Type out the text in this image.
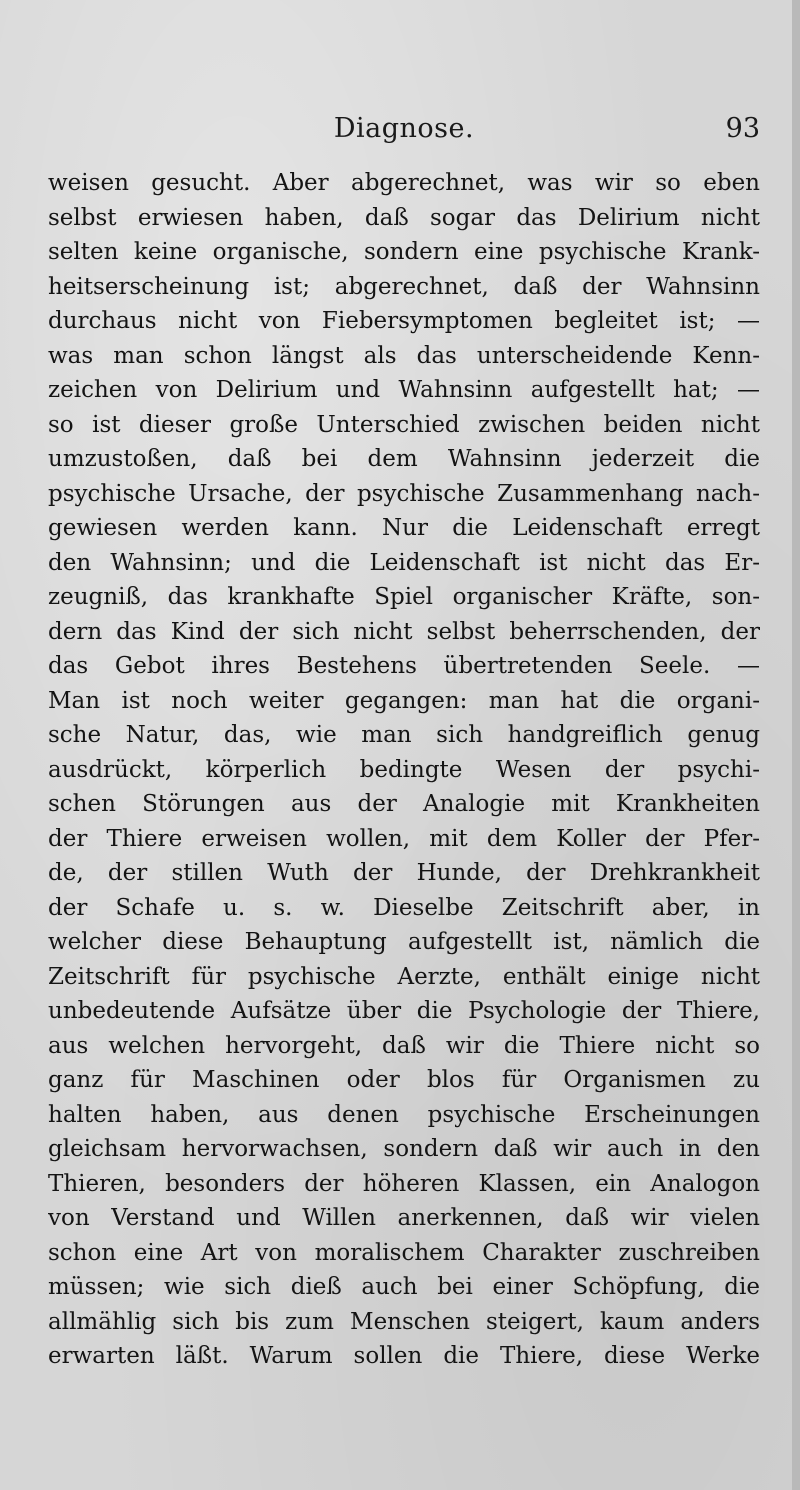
Diagnose.	93
weisen gesucht. Aber abgerechnet, was wir so eben
selbst erwiesen haben, daß sogar das Delirium nicht
selten keine organische, sondern eine psychische Krank-
heitserscheinung ist; abgerechnet, daß der Wahnsinn
durchaus nicht von Fiebersymptomen begleitet ist; —
was man schon längst als das unterscheidende Kenn-
zeichen von Delirium und Wahnsinn aufgestellt hat; —
so ist dieser große Unterschied zwischen beiden nicht
umzustoßen, daß bei dem Wahnsinn jederzeit die
psychische Ursache, der psychische Zusammenhang nach-
gewiesen werden kann. Nur die Leidenschaft erregt
den Wahnsinn; und die Leidenschaft ist nicht das Er-
zeugniß, das krankhafte Spiel organischer Kräfte, son-
dern das Kind der sich nicht selbst beherrschenden, der
das Gebot ihres Bestehens übertretenden Seele. —
Man ist noch weiter gegangen: man hat die organi-
sche Natur, das, wie man sich handgreiflich genug
ausdrückt, körperlich bedingte Wesen der psychi-
schen Störungen aus der Analogie mit Krankheiten
der Thiere erweisen wollen, mit dem Koller der Pfer-
de, der stillen Wuth der Hunde, der Drehkrankheit
der Schafe u. s. w. Dieselbe Zeitschrift aber, in
welcher diese Behauptung aufgestellt ist, nämlich die
Zeitschrift für psychische Aerzte, enthält einige nicht
unbedeutende Aufsätze über die Psychologie der Thiere,
aus welchen hervorgeht, daß wir die Thiere nicht so
ganz für Maschinen oder blos für Organismen zu
halten haben, aus denen psychische Erscheinungen
gleichsam hervorwachsen, sondern daß wir auch in den
Thieren, besonders der höheren Klassen, ein Analogon
von Verstand und Willen anerkennen, daß wir vielen
schon eine Art von moralischem Charakter zuschreiben
müssen; wie sich dieß auch bei einer Schöpfung, die
allmählig sich bis zum Menschen steigert, kaum anders
erwarten läßt. Warum sollen die Thiere, diese Werke
